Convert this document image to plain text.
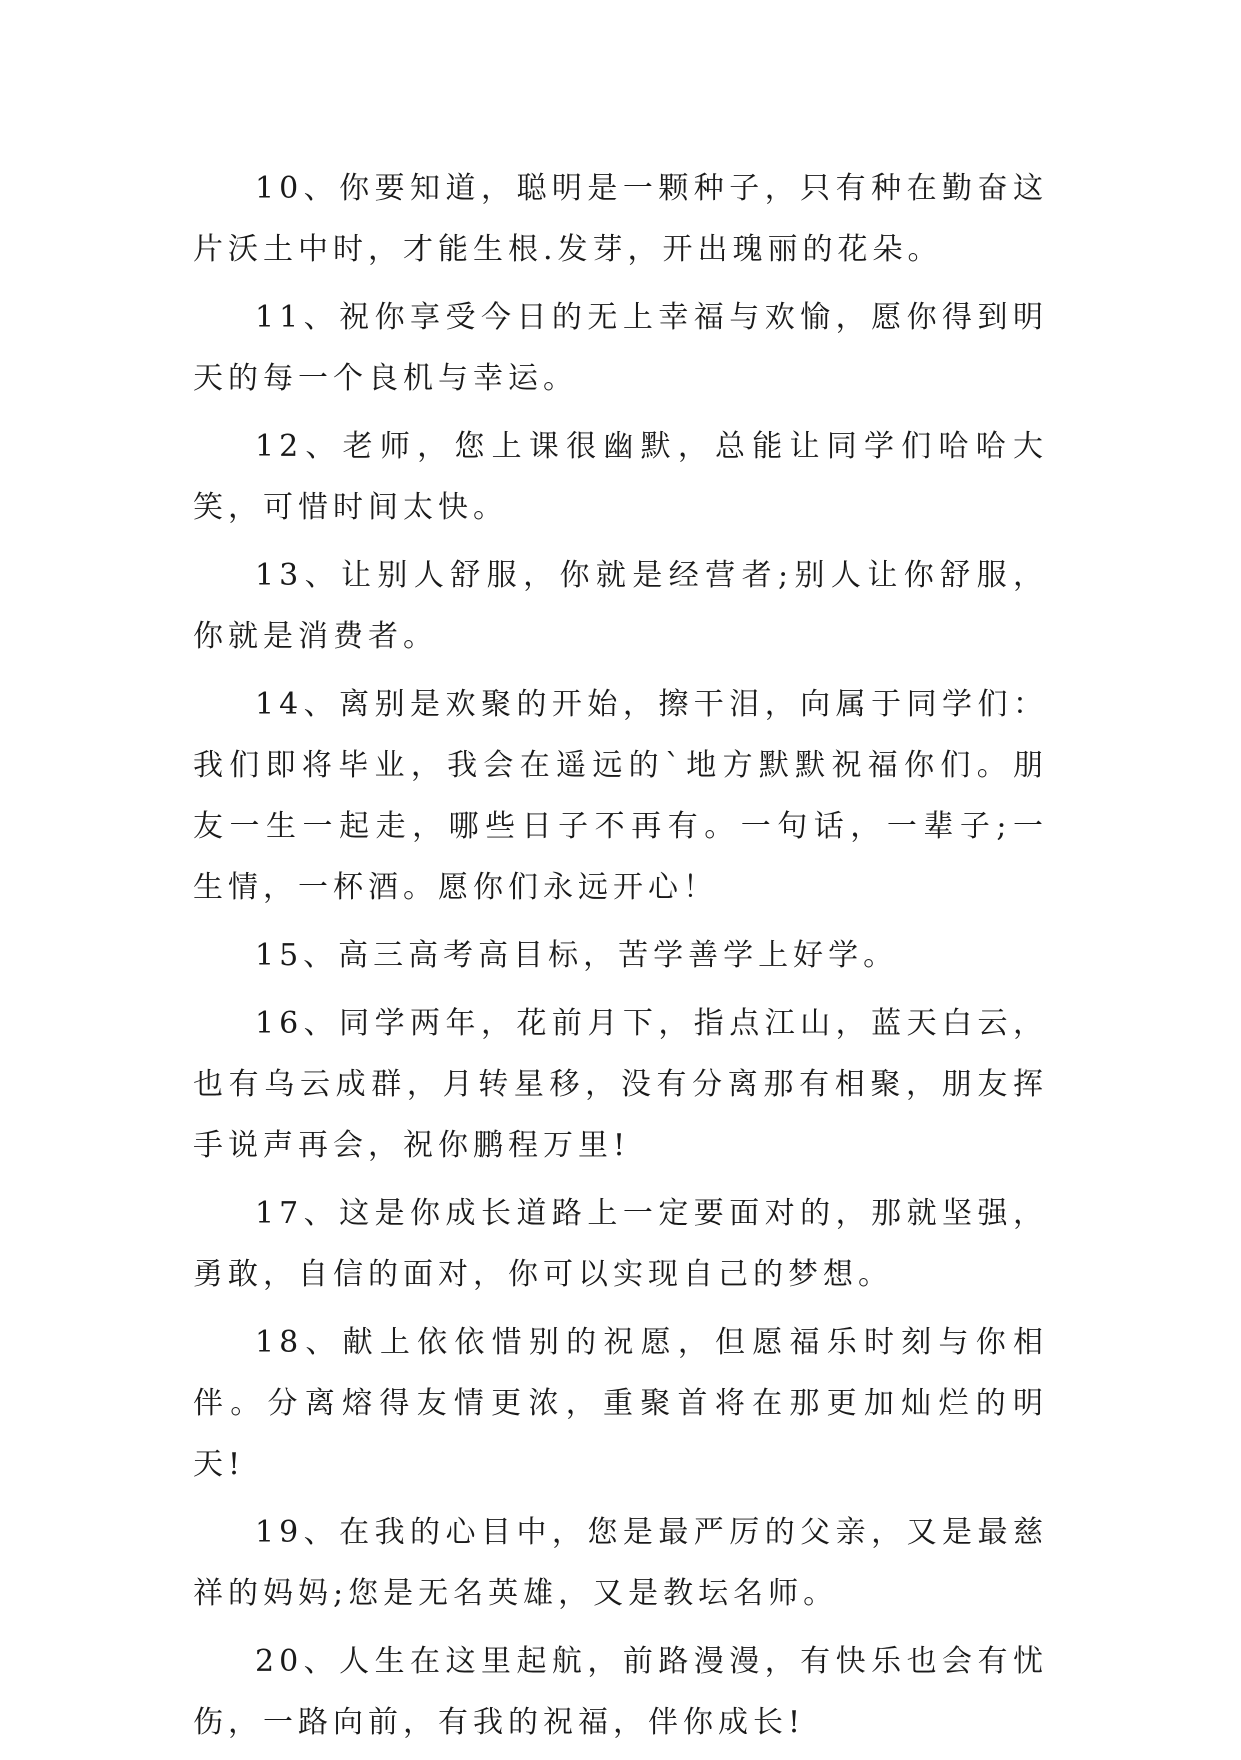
10、你要知道，聪明是一颗种子，只有种在勤奋这片沃土中时，才能生根.发芽，开出瑰丽的花朵。

11、祝你享受今日的无上幸福与欢愉，愿你得到明天的每一个良机与幸运。

12、老师，您上课很幽默，总能让同学们哈哈大笑，可惜时间太快。

13、让别人舒服，你就是经营者;别人让你舒服，你就是消费者。

14、离别是欢聚的开始，擦干泪，向属于同学们：我们即将毕业，我会在遥远的`地方默默祝福你们。朋友一生一起走，哪些日子不再有。一句话，一辈子;一生情，一杯酒。愿你们永远开心！

15、高三高考高目标，苦学善学上好学。

16、同学两年，花前月下，指点江山，蓝天白云，也有乌云成群，月转星移，没有分离那有相聚，朋友挥手说声再会，祝你鹏程万里!

17、这是你成长道路上一定要面对的，那就坚强，勇敢，自信的面对，你可以实现自己的梦想。

18、献上依依惜别的祝愿，但愿福乐时刻与你相伴。分离熔得友情更浓，重聚首将在那更加灿烂的明天!

19、在我的心目中，您是最严厉的父亲，又是最慈祥的妈妈;您是无名英雄，又是教坛名师。

20、人生在这里起航，前路漫漫，有快乐也会有忧伤，一路向前，有我的祝福，伴你成长!
